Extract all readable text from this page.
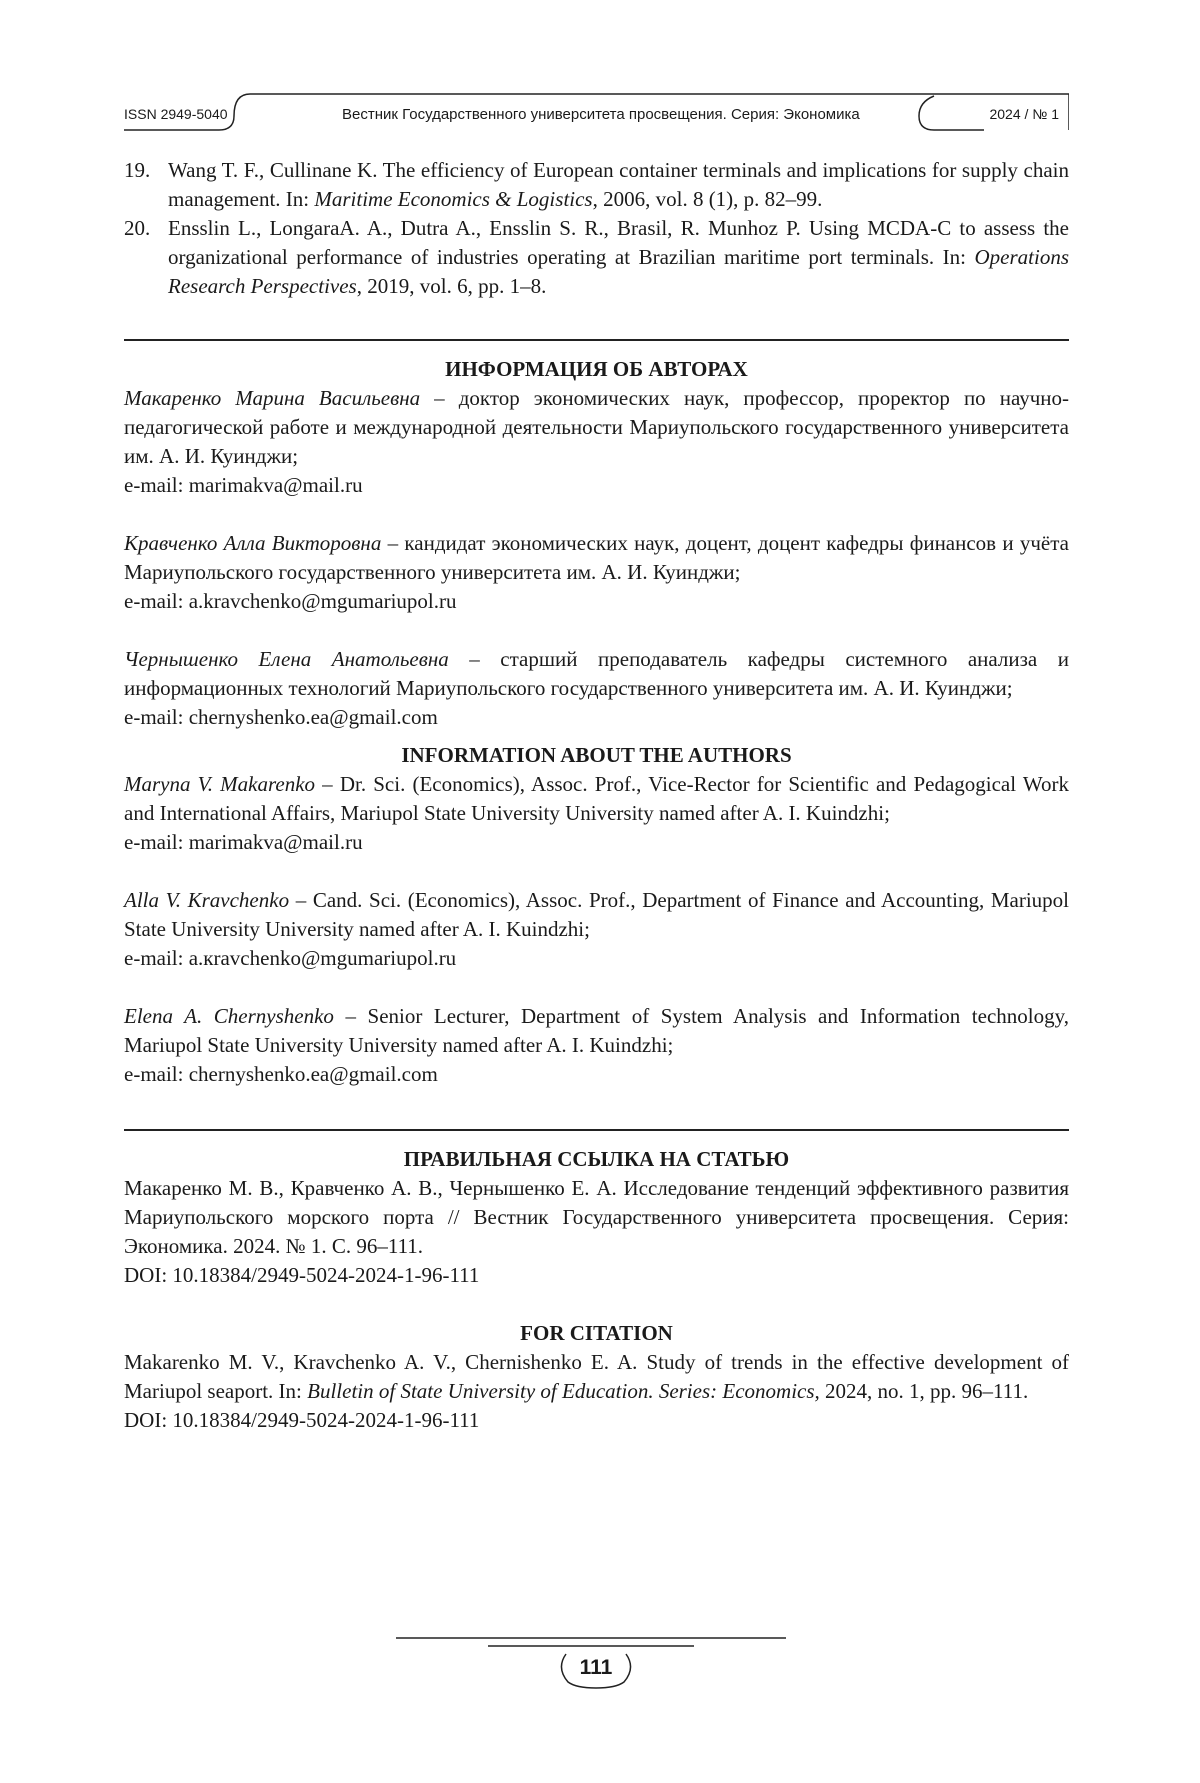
ISSN 2949-5040	Вестник Государственного университета просвещения. Серия: Экономика	2024 / № 1

19. Wang T. F., Cullinane K. The efficiency of European container terminals and implications for supply chain management. In: Maritime Economics & Logistics, 2006, vol. 8 (1), p. 82–99.

20. Ensslin L., LongaraA. A., Dutra A., Ensslin S. R., Brasil, R. Munhoz P. Using MCDA-C to assess the organizational performance of industries operating at Brazilian maritime port terminals. In: Operations Research Perspectives, 2019, vol. 6, pp. 1–8.

ИНФОРМАЦИЯ ОБ АВТОРАХ

Макаренко Марина Васильевна – доктор экономических наук, профессор, проректор по научно-педагогической работе и международной деятельности Мариупольского государственного университета им. А. И. Куинджи;

e-mail: marimakva@mail.ru

Кравченко Алла Викторовна – кандидат экономических наук, доцент, доцент кафедры финансов и учёта Мариупольского государственного университета им. А. И. Куинджи;

e-mail: a.kravchenko@mgumariupol.ru

Чернышенко Елена Анатольевна – старший преподаватель кафедры системного анализа и информационных технологий Мариупольского государственного университета им. А. И. Куинджи;

e-mail: chernyshenko.ea@gmail.com

INFORMATION ABOUT THE AUTHORS

Maryna V. Makarenko – Dr. Sci. (Economics), Assoc. Prof., Vice-Rector for Scientific and Pedagogical Work and International Affairs, Mariupol State University University named after A. I. Kuindzhi;

e-mail: marimakva@mail.ru

Alla V. Kravchenko – Cand. Sci. (Economics), Assoc. Prof., Department of Finance and Accounting, Mariupol State University University named after A. I. Kuindzhi;

e-mail: a.кravchenko@mgumariupol.ru

Elena A. Chernyshenko – Senior Lecturer, Department of System Analysis and Information technology, Mariupol State University University named after A. I. Kuindzhi;

e-mail: chernyshenko.ea@gmail.com

ПРАВИЛЬНАЯ ССЫЛКА НА СТАТЬЮ

Макаренко М. В., Кравченко А. В., Чернышенко Е. А. Исследование тенденций эффективного развития Мариупольского морского порта // Вестник Государственного университета просвещения. Серия: Экономика. 2024. № 1. С. 96–111.

DOI: 10.18384/2949-5024-2024-1-96-111

FOR CITATION

Makarenko M. V., Kravchenko A. V., Chernishenko E. A. Study of trends in the effective development of Mariupol seaport. In: Bulletin of State University of Education. Series: Economics, 2024, no. 1, pp. 96–111.

DOI: 10.18384/2949-5024-2024-1-96-111

111
